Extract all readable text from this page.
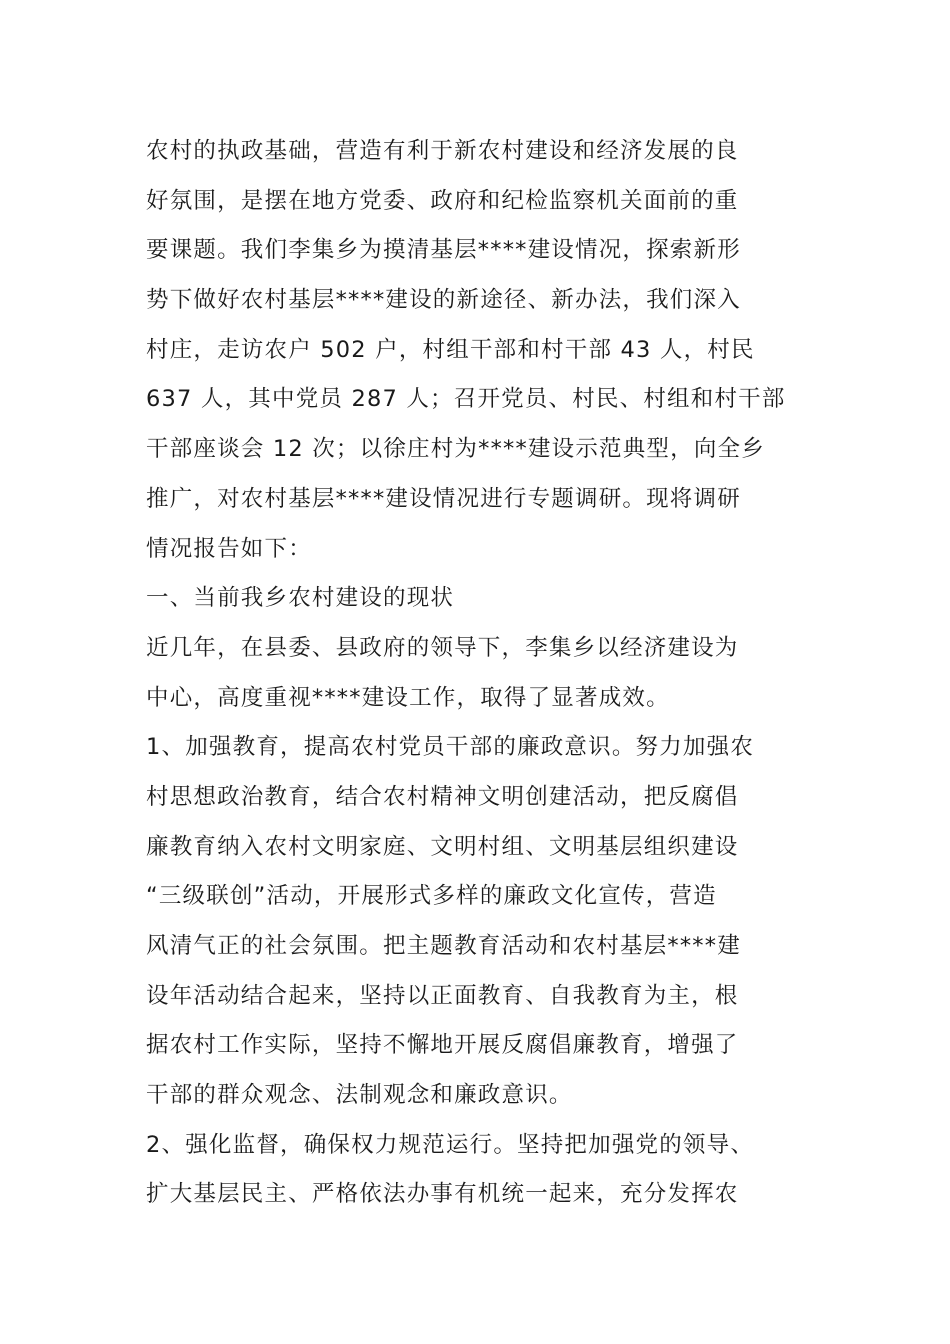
农村的执政基础，营造有利于新农村建设和经济发展的良
好氛围，是摆在地方党委、政府和纪检监察机关面前的重
要课题。我们李集乡为摸清基层****建设情况，探索新形
势下做好农村基层****建设的新途径、新办法，我们深入
村庄，走访农户 502 户，村组干部和村干部 43 人，村民
637 人，其中党员 287 人；召开党员、村民、村组和村干部
干部座谈会 12 次；以徐庄村为****建设示范典型，向全乡
推广，对农村基层****建设情况进行专题调研。现将调研
情况报告如下：
一、当前我乡农村建设的现状
近几年，在县委、县政府的领导下，李集乡以经济建设为
中心，高度重视****建设工作，取得了显著成效。
1、加强教育，提高农村党员干部的廉政意识。努力加强农
村思想政治教育，结合农村精神文明创建活动，把反腐倡
廉教育纳入农村文明家庭、文明村组、文明基层组织建设
“三级联创”活动，开展形式多样的廉政文化宣传，营造
风清气正的社会氛围。把主题教育活动和农村基层****建
设年活动结合起来，坚持以正面教育、自我教育为主，根
据农村工作实际，坚持不懈地开展反腐倡廉教育，增强了
干部的群众观念、法制观念和廉政意识。
2、强化监督，确保权力规范运行。坚持把加强党的领导、
扩大基层民主、严格依法办事有机统一起来，充分发挥农
